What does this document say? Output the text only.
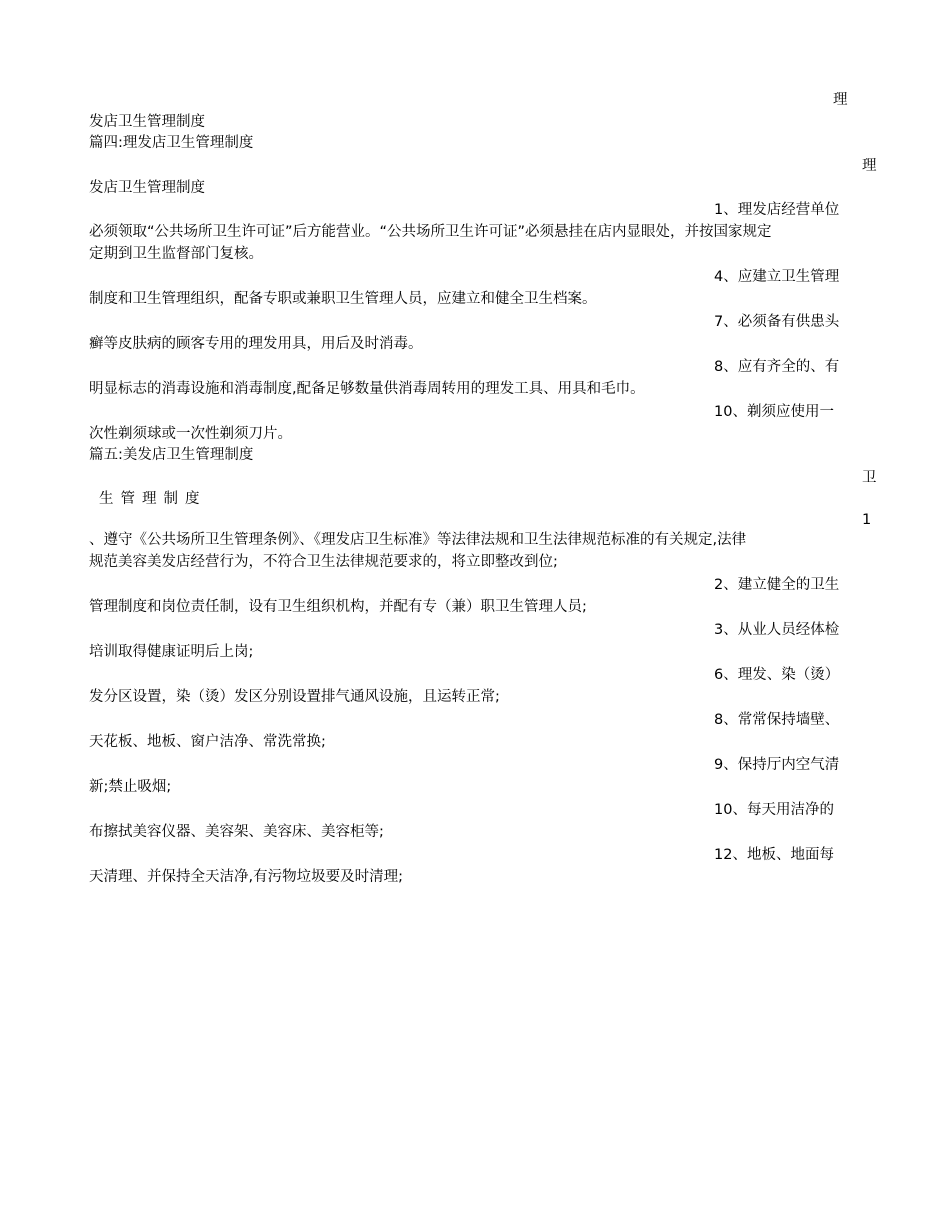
理
发店卫生管理制度
篇四:理发店卫生管理制度
理
发店卫生管理制度
1、理发店经营单位
必须领取“公共场所卫生许可证”后方能营业。“公共场所卫生许可证”必须悬挂在店内显眼处，并按国家规定
定期到卫生监督部门复核。
4、应建立卫生管理
制度和卫生管理组织，配备专职或兼职卫生管理人员，应建立和健全卫生档案。
7、必须备有供患头
癣等皮肤病的顾客专用的理发用具，用后及时消毒。
8、应有齐全的、有
明显标志的消毒设施和消毒制度,配备足够数量供消毒周转用的理发工具、用具和毛巾。
10、剃须应使用一
次性剃须球或一次性剃须刀片。
篇五:美发店卫生管理制度
卫
生管理制度
1
、遵守《公共场所卫生管理条例》、《理发店卫生标准》等法律法规和卫生法律规范标准的有关规定,法律
规范美容美发店经营行为，不符合卫生法律规范要求的，将立即整改到位;
2、建立健全的卫生
管理制度和岗位责任制，设有卫生组织机构，并配有专（兼）职卫生管理人员;
3、从业人员经体检
培训取得健康证明后上岗;
6、理发、染（烫）
发分区设置，染（烫）发区分别设置排气通风设施，且运转正常;
8、常常保持墙壁、
天花板、地板、窗户洁净、常洗常换;
9、保持厅内空气清
新;禁止吸烟;
10、每天用洁净的
布擦拭美容仪器、美容架、美容床、美容柜等;
12、地板、地面每
天清理、并保持全天洁净,有污物垃圾要及时清理;
